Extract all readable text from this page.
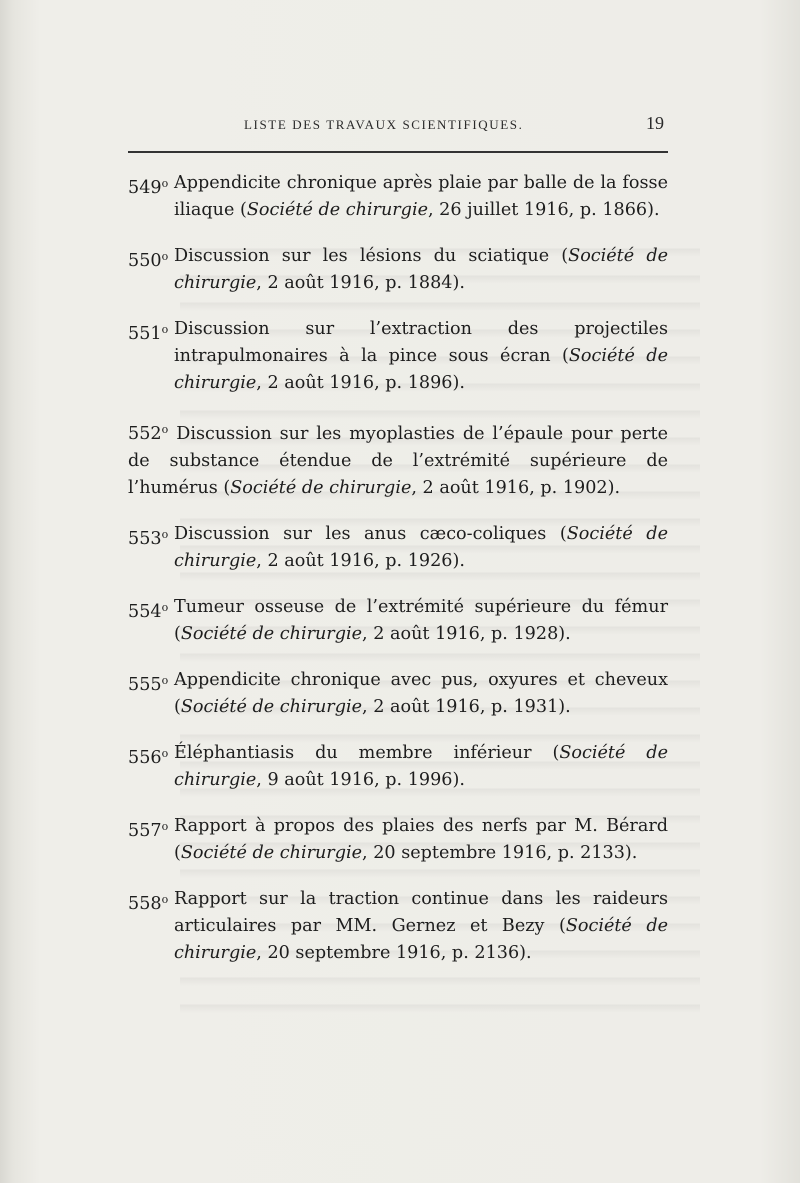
LISTE DES TRAVAUX SCIENTIFIQUES.	19
549$^o$ Appendicite chronique après plaie par balle de la fosse iliaque (Société de chirurgie, 26 juillet 1916, p. 1866).
550$^o$ Discussion sur les lésions du sciatique (Société de chirurgie, 2 août 1916, p. 1884).
551$^o$ Discussion sur l’extraction des projectiles intrapulmonaires à la pince sous écran (Société de chirurgie, 2 août 1916, p. 1896).
552$^o$ Discussion sur les myoplasties de l’épaule pour perte de substance étendue de l’extrémité supérieure de l’humérus (Société de chirurgie, 2 août 1916, p. 1902).
553$^o$ Discussion sur les anus cæco-coliques (Société de chirurgie, 2 août 1916, p. 1926).
554$^o$ Tumeur osseuse de l’extrémité supérieure du fémur (Société de chirurgie, 2 août 1916, p. 1928).
555$^o$ Appendicite chronique avec pus, oxyures et cheveux (Société de chirurgie, 2 août 1916, p. 1931).
556$^o$ Éléphantiasis du membre inférieur (Société de chirurgie, 9 août 1916, p. 1996).
557$^o$ Rapport à propos des plaies des nerfs par M. Bérard (Société de chirurgie, 20 septembre 1916, p. 2133).
558$^o$ Rapport sur la traction continue dans les raideurs articulaires par MM. Gernez et Bezy (Société de chirurgie, 20 septembre 1916, p. 2136).
